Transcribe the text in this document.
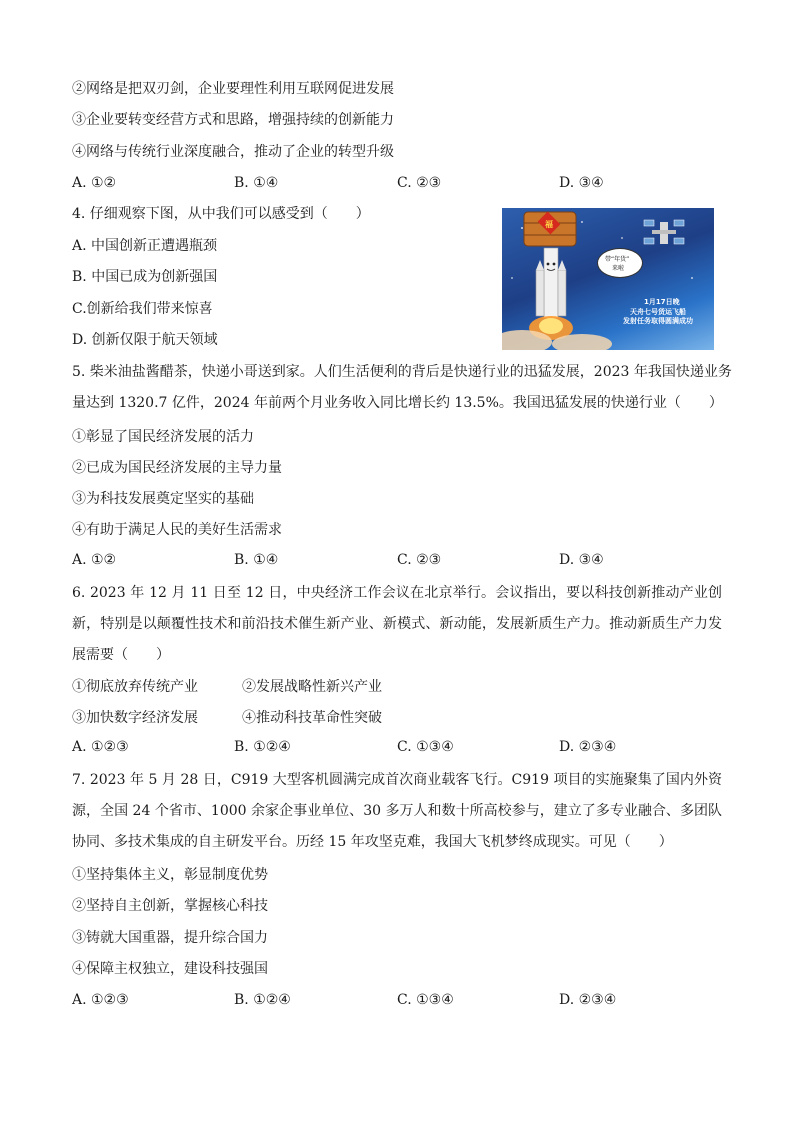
②网络是把双刃剑，企业要理性利用互联网促进发展
③企业要转变经营方式和思路，增强持续的创新能力
④网络与传统行业深度融合，推动了企业的转型升级
A. ①②	B. ①④	C. ②③	D. ③④
4. 仔细观察下图，从中我们可以感受到（　　）
A. 中国创新正遭遇瓶颈
B. 中国已成为创新强国
C.创新给我们带来惊喜
D. 创新仅限于航天领域
福
带“年货”
来啦
1月17日晚
天舟七号货运飞船
发射任务取得圆满成功
5. 柴米油盐酱醋茶，快递小哥送到家。人们生活便利的背后是快递行业的迅猛发展，2023 年我国快递业务
量达到 1320.7 亿件，2024 年前两个月业务收入同比增长约 13.5%。我国迅猛发展的快递行业（　　）
①彰显了国民经济发展的活力
②已成为国民经济发展的主导力量
③为科技发展奠定坚实的基础
④有助于满足人民的美好生活需求
A. ①②	B. ①④	C. ②③	D. ③④
6. 2023 年 12 月 11 日至 12 日，中央经济工作会议在北京举行。会议指出，要以科技创新推动产业创新，特别是以颠覆性技术和前沿技术催生新产业、新模式、新动能，发展新质生产力。推动新质生产力发展需要（　　）
①彻底放弃传统产业	②发展战略性新兴产业
③加快数字经济发展	④推动科技革命性突破
A. ①②③	B. ①②④	C. ①③④	D. ②③④
7. 2023 年 5 月 28 日，C919 大型客机圆满完成首次商业载客飞行。C919 项目的实施聚集了国内外资源，全国 24 个省市、1000 余家企事业单位、30 多万人和数十所高校参与，建立了多专业融合、多团队协同、多技术集成的自主研发平台。历经 15 年攻坚克难，我国大飞机梦终成现实。可见（　　）
①坚持集体主义，彰显制度优势
②坚持自主创新，掌握核心科技
③铸就大国重器，提升综合国力
④保障主权独立，建设科技强国
A. ①②③	B. ①②④	C. ①③④	D. ②③④
